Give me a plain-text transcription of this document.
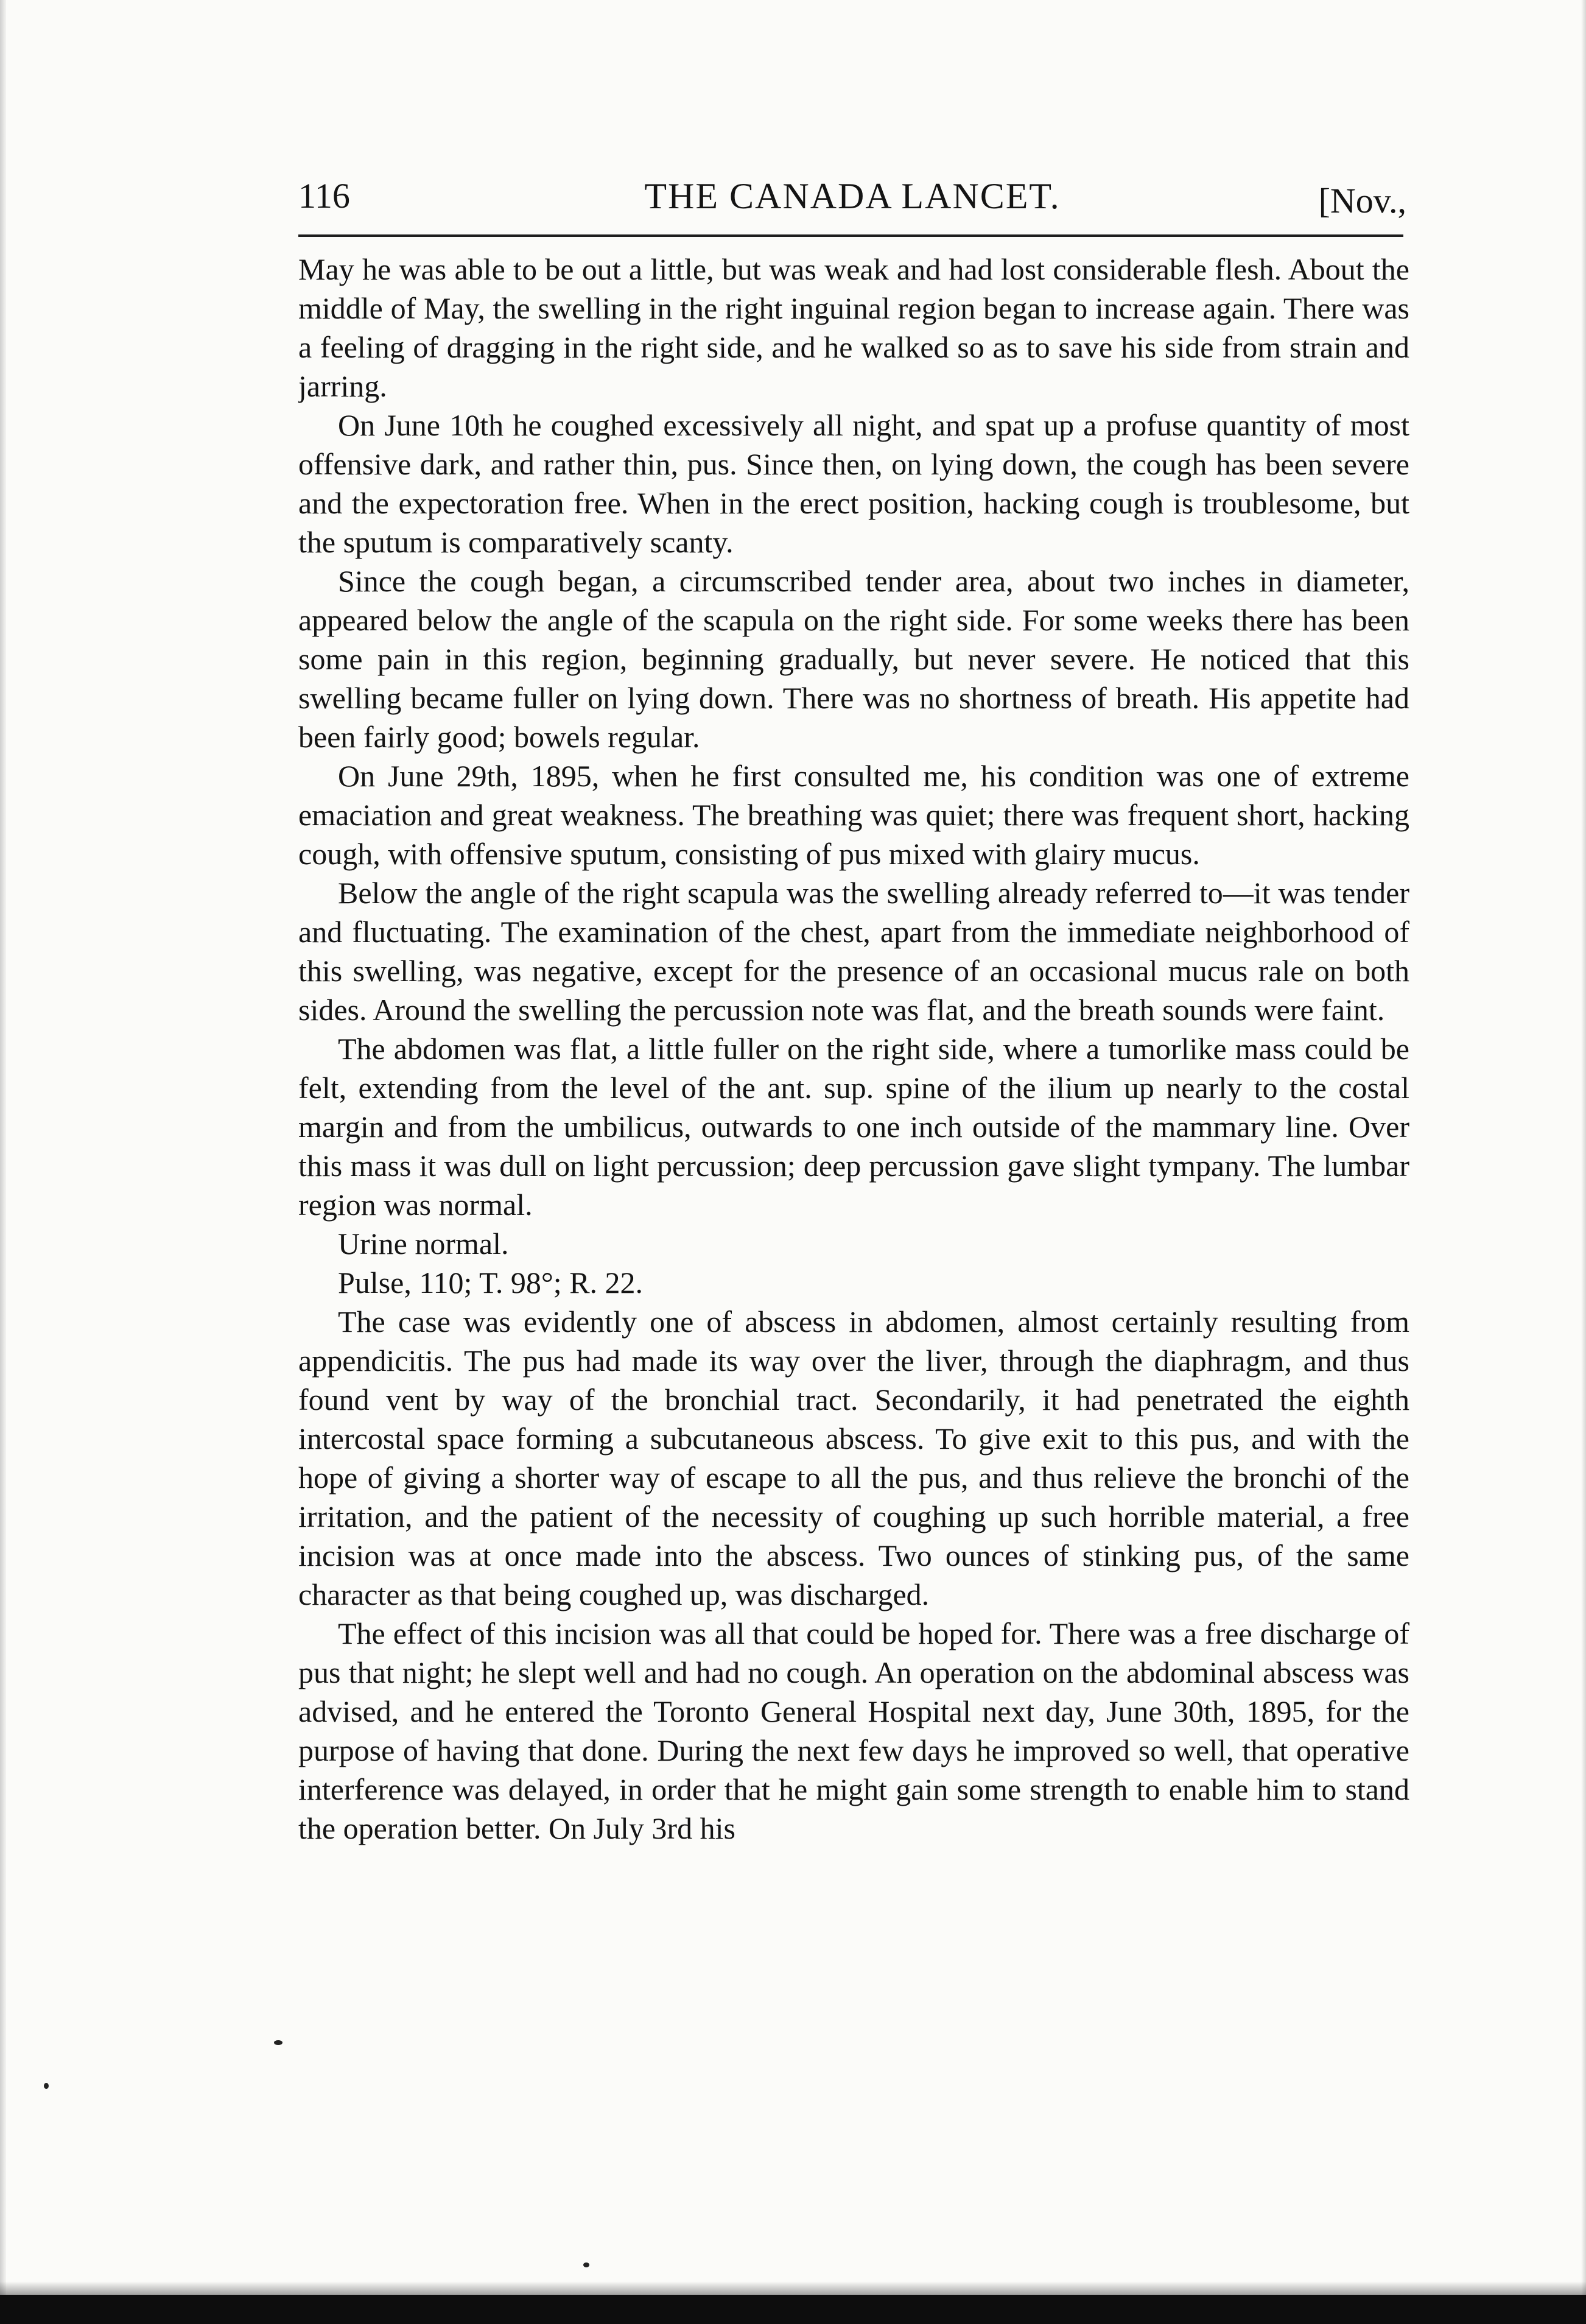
116	THE CANADA LANCET.	[Nov.,

May he was able to be out a little, but was weak and had lost considerable flesh. About the middle of May, the swelling in the right inguinal region began to increase again. There was a feeling of dragging in the right side, and he walked so as to save his side from strain and jarring.

On June 10th he coughed excessively all night, and spat up a profuse quantity of most offensive dark, and rather thin, pus. Since then, on lying down, the cough has been severe and the expectoration free. When in the erect position, hacking cough is troublesome, but the sputum is comparatively scanty.

Since the cough began, a circumscribed tender area, about two inches in diameter, appeared below the angle of the scapula on the right side. For some weeks there has been some pain in this region, beginning gradually, but never severe. He noticed that this swelling became fuller on lying down. There was no shortness of breath. His appetite had been fairly good; bowels regular.

On June 29th, 1895, when he first consulted me, his condition was one of extreme emaciation and great weakness. The breathing was quiet; there was frequent short, hacking cough, with offensive sputum, consisting of pus mixed with glairy mucus.

Below the angle of the right scapula was the swelling already referred to—it was tender and fluctuating. The examination of the chest, apart from the immediate neighborhood of this swelling, was negative, except for the presence of an occasional mucus rale on both sides. Around the swelling the percussion note was flat, and the breath sounds were faint.

The abdomen was flat, a little fuller on the right side, where a tumorlike mass could be felt, extending from the level of the ant. sup. spine of the ilium up nearly to the costal margin and from the umbilicus, outwards to one inch outside of the mammary line. Over this mass it was dull on light percussion; deep percussion gave slight tympany. The lumbar region was normal.

Urine normal.

Pulse, 110; T. 98°; R. 22.

The case was evidently one of abscess in abdomen, almost certainly resulting from appendicitis. The pus had made its way over the liver, through the diaphragm, and thus found vent by way of the bronchial tract. Secondarily, it had penetrated the eighth intercostal space forming a subcutaneous abscess. To give exit to this pus, and with the hope of giving a shorter way of escape to all the pus, and thus relieve the bronchi of the irritation, and the patient of the necessity of coughing up such horrible material, a free incision was at once made into the abscess. Two ounces of stinking pus, of the same character as that being coughed up, was discharged.

The effect of this incision was all that could be hoped for. There was a free discharge of pus that night; he slept well and had no cough. An operation on the abdominal abscess was advised, and he entered the Toronto General Hospital next day, June 30th, 1895, for the purpose of having that done. During the next few days he improved so well, that operative interference was delayed, in order that he might gain some strength to enable him to stand the operation better. On July 3rd his
